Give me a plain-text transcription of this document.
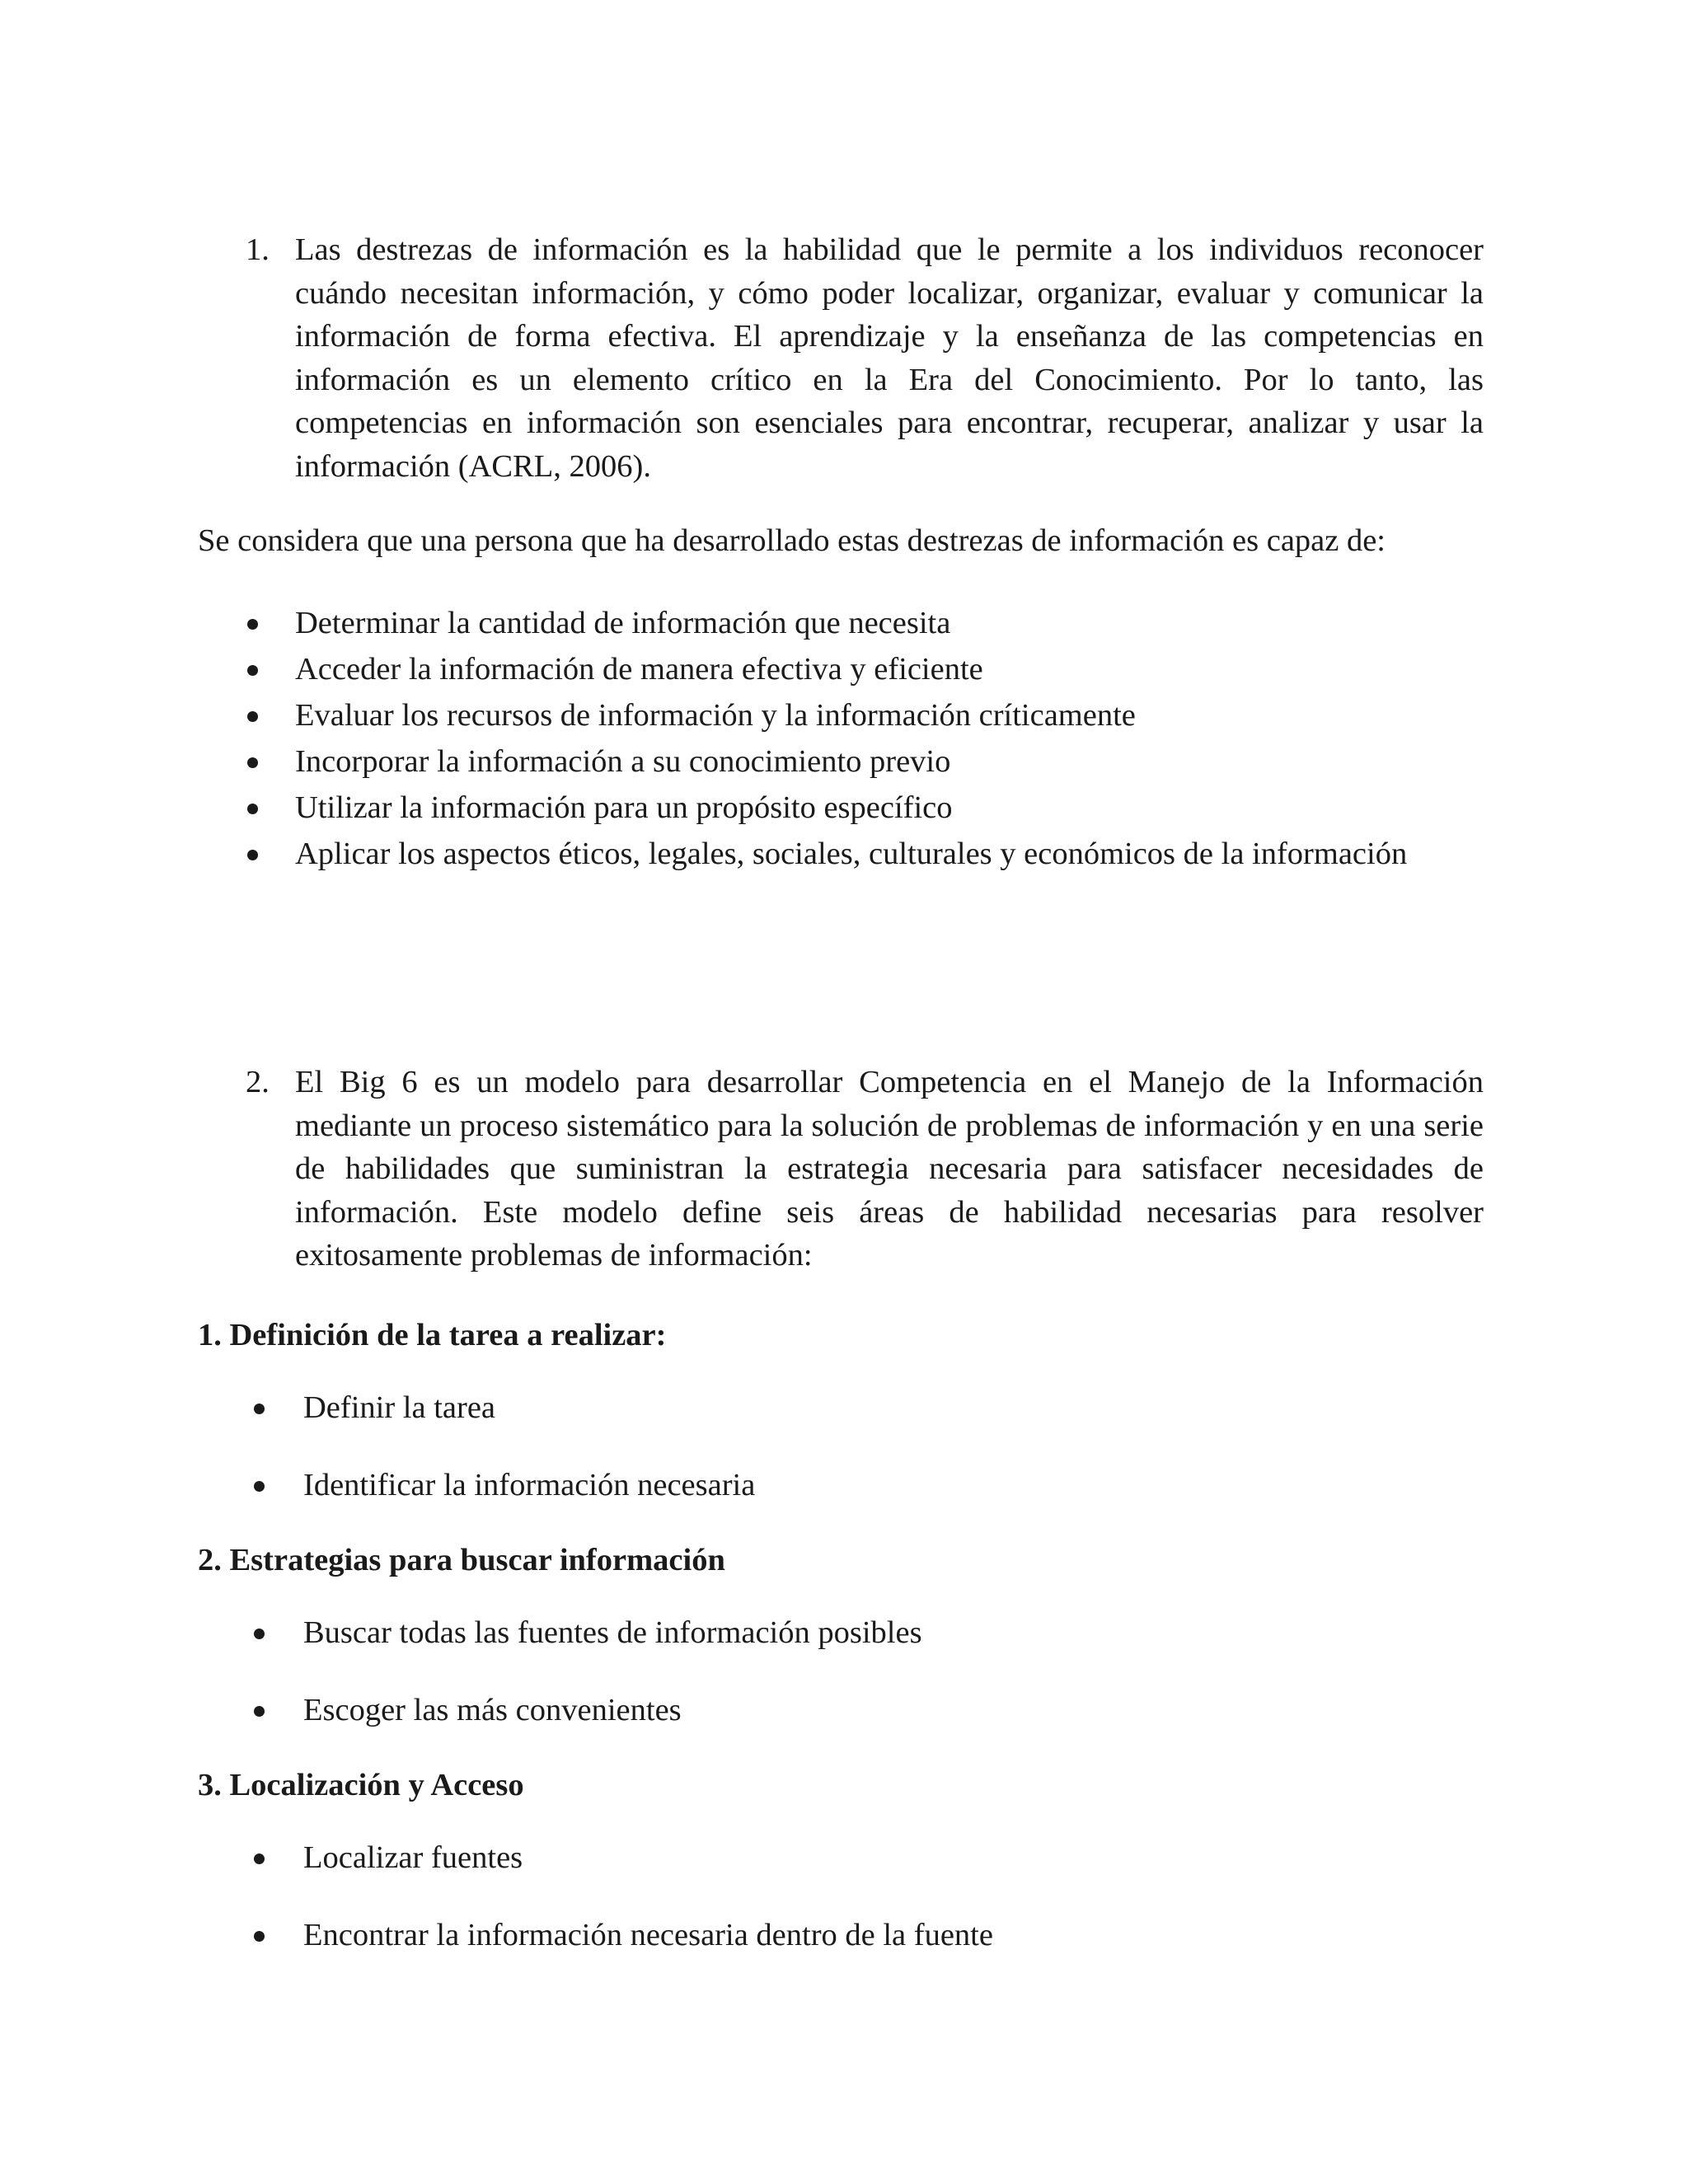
1. Las destrezas de información es la habilidad que le permite a los individuos reconocer cuándo necesitan información, y cómo poder localizar, organizar, evaluar y comunicar la información de forma efectiva. El aprendizaje y la enseñanza de las competencias en información es un elemento crítico en la Era del Conocimiento. Por lo tanto, las competencias en información son esenciales para encontrar, recuperar, analizar y usar la información (ACRL, 2006).
Se considera que una persona que ha desarrollado estas destrezas de información es capaz de:
Determinar la cantidad de información que necesita
Acceder la información de manera efectiva y eficiente
Evaluar los recursos de información y la información críticamente
Incorporar la información a su conocimiento previo
Utilizar la información para un propósito específico
Aplicar los aspectos éticos, legales, sociales, culturales y económicos de la información
2. El Big 6 es un modelo para desarrollar Competencia en el Manejo de la Información mediante un proceso sistemático para la solución de problemas de información y en una serie de habilidades que suministran la estrategia necesaria para satisfacer necesidades de información. Este modelo define seis áreas de habilidad necesarias para resolver exitosamente problemas de información:
1. Definición de la tarea a realizar:
Definir la tarea
Identificar la información necesaria
2. Estrategias para buscar información
Buscar todas las fuentes de información posibles
Escoger las más convenientes
3. Localización y Acceso
Localizar fuentes
Encontrar la información necesaria dentro de la fuente
